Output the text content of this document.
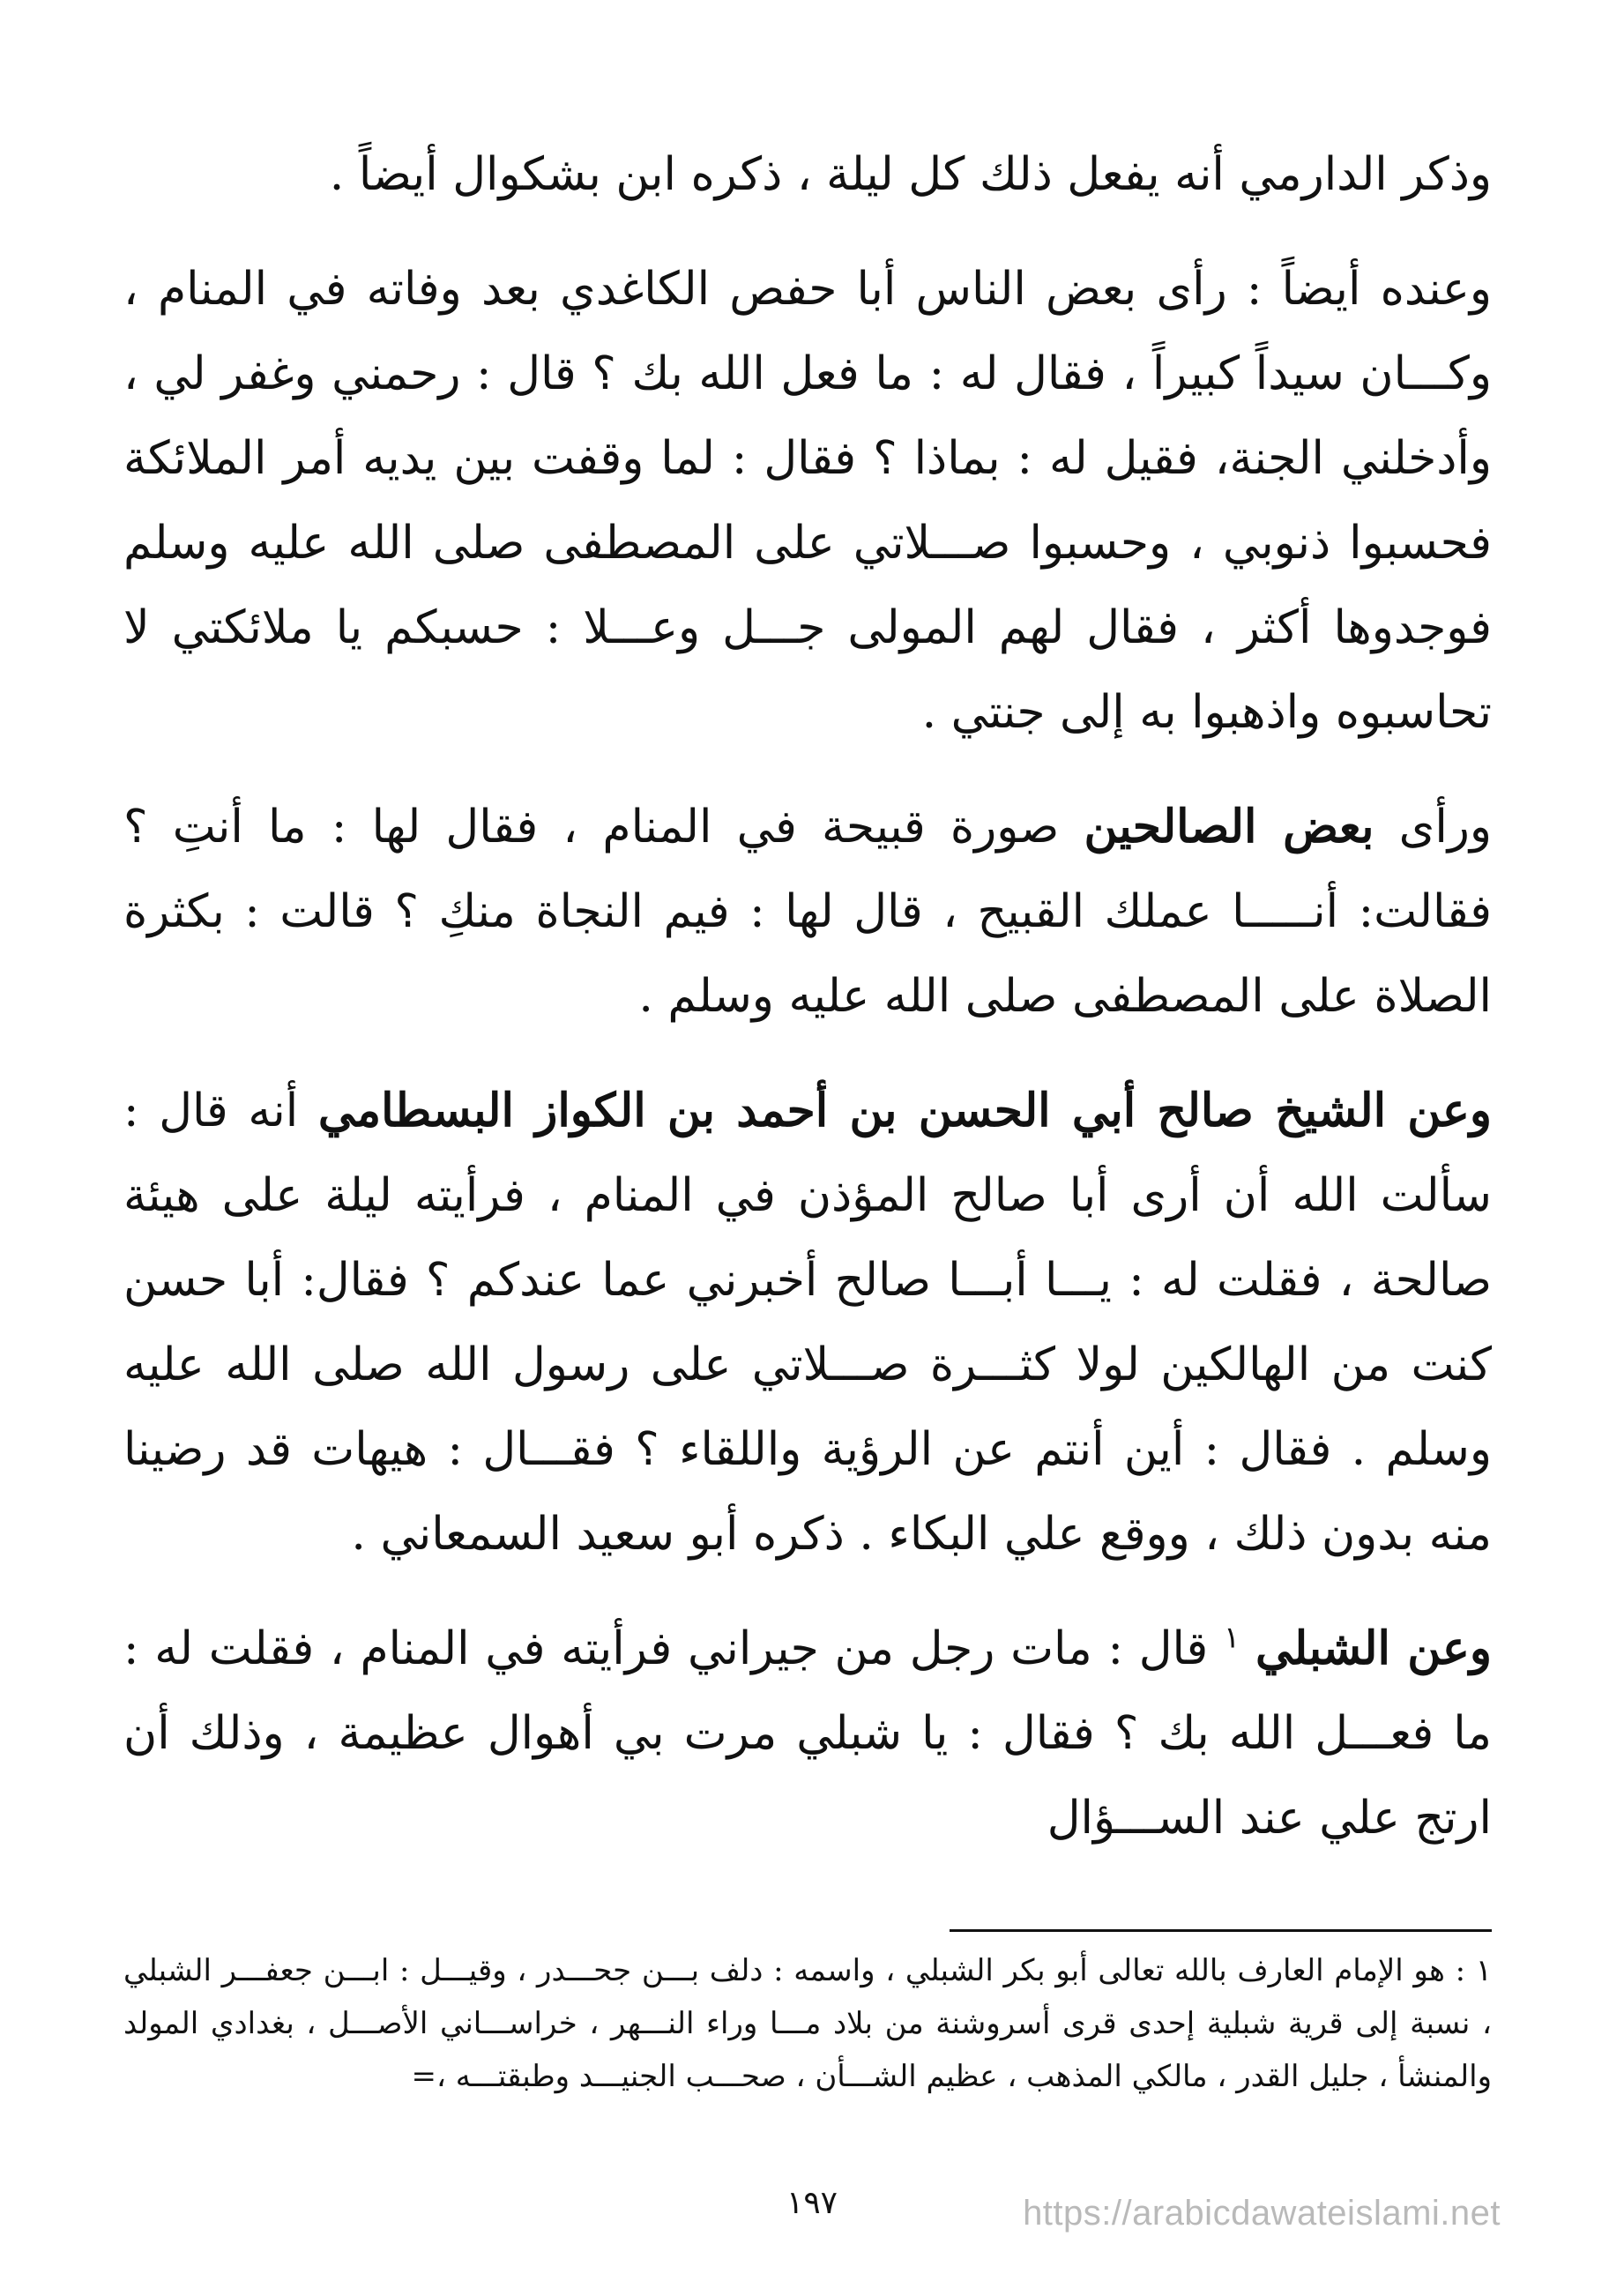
وذكر الدارمي أنه يفعل ذلك كل ليلة ، ذكره ابن بشكوال أيضاً .

وعنده أيضاً : رأى بعض الناس أبا حفص الكاغدي بعد وفاته في المنام ، وكـــان سيداً كبيراً ، فقال له : ما فعل الله بك ؟ قال : رحمني وغفر لي ، وأدخلني الجنة، فقيل له : بماذا ؟ فقال : لما وقفت بين يديه أمر الملائكة فحسبوا ذنوبي ، وحسبوا صـــلاتي على المصطفى صلى الله عليه وسلم فوجدوها أكثر ، فقال لهم المولى جـــل وعـــلا : حسبكم يا ملائكتي لا تحاسبوه واذهبوا به إلى جنتي .

ورأى بعض الصالحين صورة قبيحة في المنام ، فقال لها : ما أنتِ ؟ فقالت: أنـــــا عملك القبيح ، قال لها : فيم النجاة منكِ ؟ قالت : بكثرة الصلاة على المصطفى صلى الله عليه وسلم .

وعن الشيخ صالح أبي الحسن بن أحمد بن الكواز البسطامي أنه قال : سألت الله أن أرى أبا صالح المؤذن في المنام ، فرأيته ليلة على هيئة صالحة ، فقلت له : يـــا أبـــا صالح أخبرني عما عندكم ؟ فقال: أبا حسن كنت من الهالكين لولا كثـــرة صـــلاتي على رسول الله صلى الله عليه وسلم . فقال : أين أنتم عن الرؤية واللقاء ؟ فقـــال : هيهات قد رضينا منه بدون ذلك ، ووقع علي البكاء . ذكره أبو سعيد السمعاني .

وعن الشبلي $^١$ قال : مات رجل من جيراني فرأيته في المنام ، فقلت له : ما فعـــل الله بك ؟ فقال : يا شبلي مرت بي أهوال عظيمة ، وذلك أن ارتج علي عند الســـؤال

١ : هو الإمام العارف بالله تعالى أبو بكر الشبلي ، واسمه : دلف بـــن جحـــدر ، وقيـــل : ابـــن جعفـــر الشبلي ، نسبة إلى قرية شبلية إحدى قرى أسروشنة من بلاد مـــا وراء النـــهر ، خراســـاني الأصـــل ، بغدادي المولد والمنشأ ، جليل القدر ، مالكي المذهب ، عظيم الشـــأن ، صحـــب الجنيـــد وطبقتـــه ،=
١٩٧	https://arabicdawateislami.net
